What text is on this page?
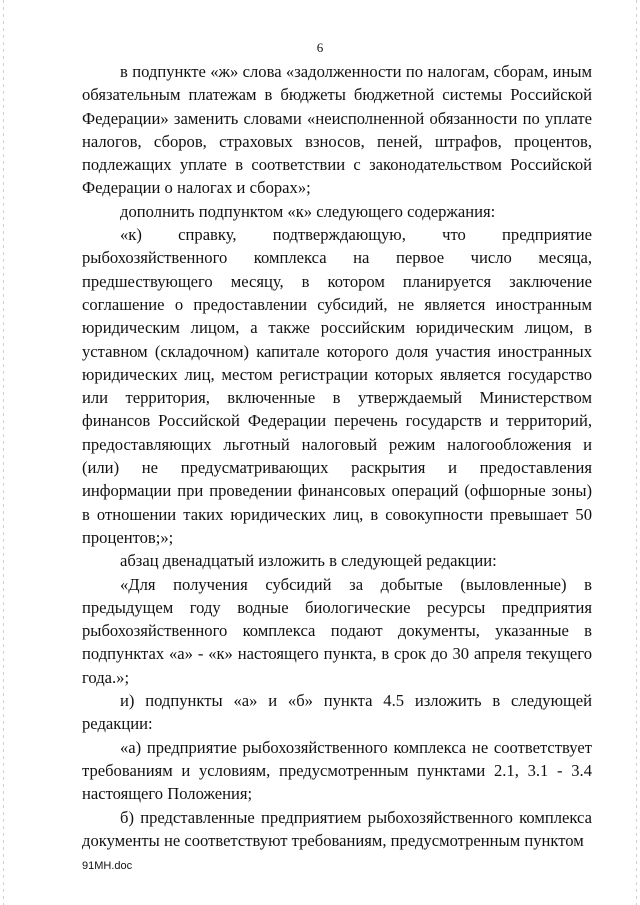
6

в подпункте «ж» слова «задолженности по налогам, сборам, иным обязательным платежам в бюджеты бюджетной системы Российской Федерации» заменить словами «неисполненной обязанности по уплате налогов, сборов, страховых взносов, пеней, штрафов, процентов, подлежащих уплате в соответствии с законодательством Российской Федерации о налогах и сборах»;

дополнить подпунктом «к» следующего содержания:

«к) справку, подтверждающую, что предприятие рыбохозяйственного комплекса на первое число месяца, предшествующего месяцу, в котором планируется заключение соглашение о предоставлении субсидий, не является иностранным юридическим лицом, а также российским юридическим лицом, в уставном (складочном) капитале которого доля участия иностранных юридических лиц, местом регистрации которых является государство или территория, включенные в утверждаемый Министерством финансов Российской Федерации перечень государств и территорий, предоставляющих льготный налоговый режим налогообложения и (или) не предусматривающих раскрытия и предоставления информации при проведении финансовых операций (офшорные зоны) в отношении таких юридических лиц, в совокупности превышает 50 процентов;»;

абзац двенадцатый изложить в следующей редакции:

«Для получения субсидий за добытые (выловленные) в предыдущем году водные биологические ресурсы предприятия рыбохозяйственного комплекса подают документы, указанные в подпунктах «а» - «к» настоящего пункта, в срок до 30 апреля текущего года.»;

и) подпункты «а» и «б» пункта 4.5 изложить в следующей редакции:

«а) предприятие рыбохозяйственного комплекса не соответствует требованиям и условиям, предусмотренным пунктами 2.1, 3.1 - 3.4 настоящего Положения;

б) представленные предприятием рыбохозяйственного комплекса документы не соответствуют требованиям, предусмотренным пунктом

91МН.doc
